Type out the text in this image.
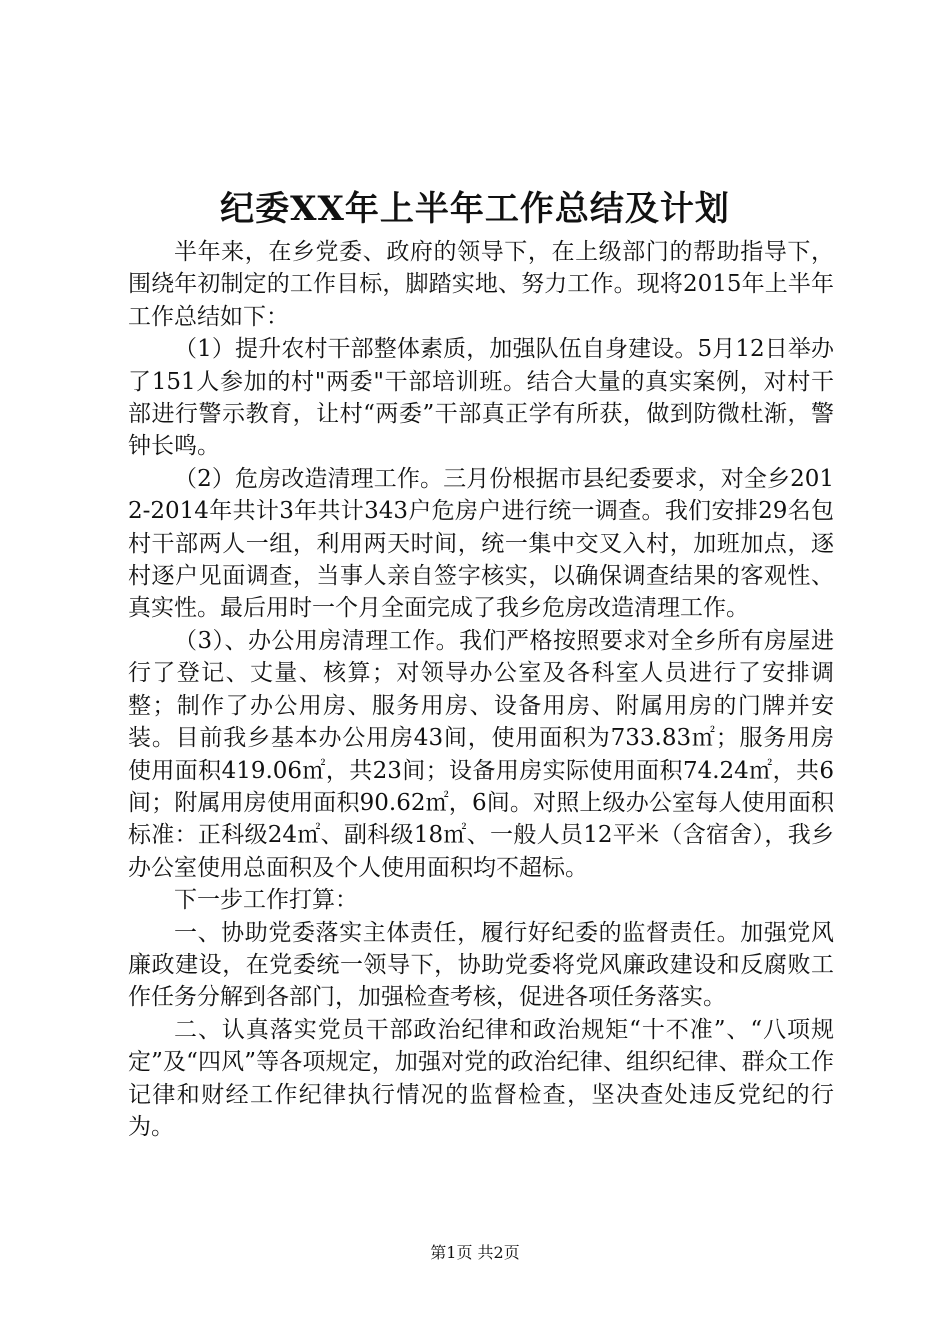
纪委XX年上半年工作总结及计划

半年来，在乡党委、政府的领导下，在上级部门的帮助指导下，围绕年初制定的工作目标，脚踏实地、努力工作。现将2015年上半年工作总结如下：

（1）提升农村干部整体素质，加强队伍自身建设。5月12日举办了151人参加的村"两委"干部培训班。结合大量的真实案例，对村干部进行警示教育，让村“两委”干部真正学有所获，做到防微杜渐，警钟长鸣。

（2）危房改造清理工作。三月份根据市县纪委要求，对全乡2012-2014年共计3年共计343户危房户进行统一调查。我们安排29名包村干部两人一组，利用两天时间，统一集中交叉入村，加班加点，逐村逐户见面调查，当事人亲自签字核实，以确保调查结果的客观性、真实性。最后用时一个月全面完成了我乡危房改造清理工作。

（3）、办公用房清理工作。我们严格按照要求对全乡所有房屋进行了登记、丈量、核算；对领导办公室及各科室人员进行了安排调整；制作了办公用房、服务用房、设备用房、附属用房的门牌并安装。目前我乡基本办公用房43间，使用面积为733.83㎡；服务用房使用面积419.06㎡，共23间；设备用房实际使用面积74.24㎡，共6间；附属用房使用面积90.62㎡，6间。对照上级办公室每人使用面积标准：正科级24㎡、副科级18㎡、一般人员12平米（含宿舍），我乡办公室使用总面积及个人使用面积均不超标。

下一步工作打算：

一、协助党委落实主体责任，履行好纪委的监督责任。加强党风廉政建设，在党委统一领导下，协助党委将党风廉政建设和反腐败工作任务分解到各部门，加强检查考核，促进各项任务落实。

二、认真落实党员干部政治纪律和政治规矩“十不准”、“八项规定”及“四风”等各项规定，加强对党的政治纪律、组织纪律、群众工作记律和财经工作纪律执行情况的监督检查，坚决查处违反党纪的行为。

第1页 共2页
